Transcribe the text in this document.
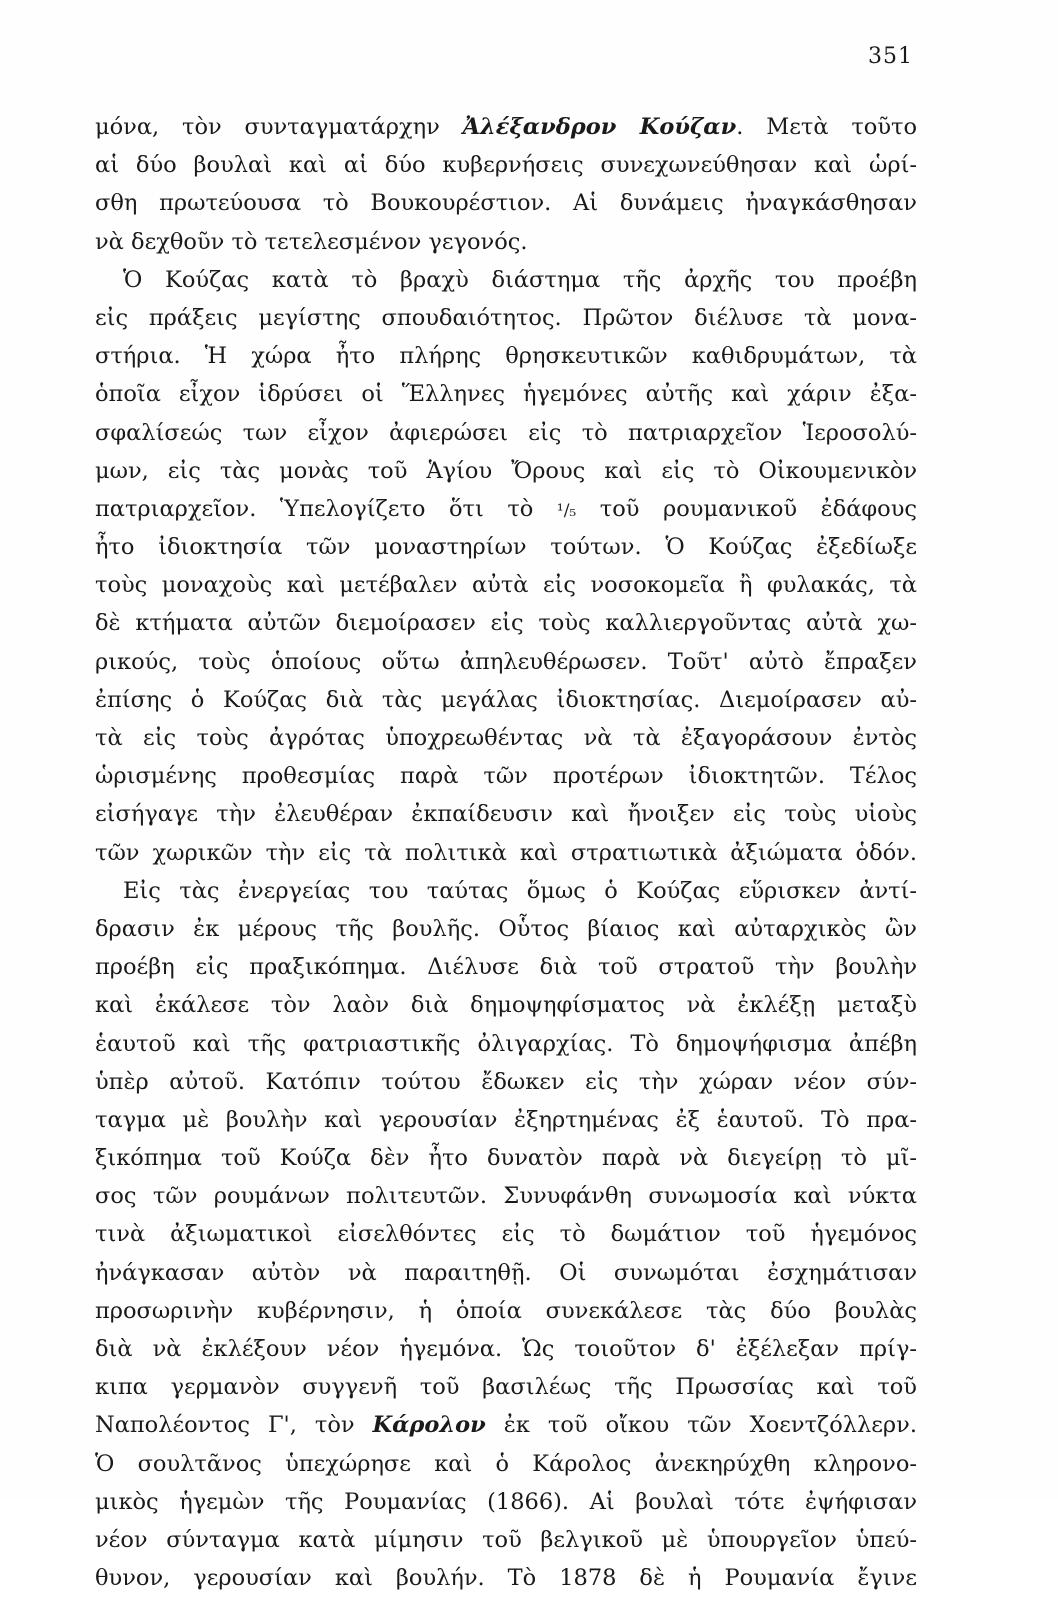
351
μόνα, τὸν συνταγματάρχην Ἀλέξανδρον Κούζαν. Μετὰ τοῦτο
αἱ δύο βουλαὶ καὶ αἱ δύο κυβερνήσεις συνεχωνεύθησαν καὶ ὡρί-
σθη πρωτεύουσα τὸ Βουκουρέστιον. Αἱ δυνάμεις ἠναγκάσθησαν
νὰ δεχθοῦν τὸ τετελεσμένον γεγονός.
Ὁ Κούζας κατὰ τὸ βραχὺ διάστημα τῆς ἀρχῆς του προέβη
εἰς πράξεις μεγίστης σπουδαιότητος. Πρῶτον διέλυσε τὰ μονα-
στήρια. Ἡ χώρα ἦτο πλήρης θρησκευτικῶν καθιδρυμάτων, τὰ
ὁποῖα εἶχον ἱδρύσει οἱ Ἕλληνες ἡγεμόνες αὐτῆς καὶ χάριν ἐξα-
σφαλίσεώς των εἶχον ἀφιερώσει εἰς τὸ πατριαρχεῖον Ἱεροσολύ-
μων, εἰς τὰς μονὰς τοῦ Ἁγίου Ὄρους καὶ εἰς τὸ Οἰκουμενικὸν
πατριαρχεῖον. Ὑπελογίζετο ὅτι τὸ ¹/₅ τοῦ ρουμανικοῦ ἐδάφους
ἦτο ἰδιοκτησία τῶν μοναστηρίων τούτων. Ὁ Κούζας ἐξεδίωξε
τοὺς μοναχοὺς καὶ μετέβαλεν αὐτὰ εἰς νοσοκομεῖα ἢ φυλακάς, τὰ
δὲ κτήματα αὐτῶν διεμοίρασεν εἰς τοὺς καλλιεργοῦντας αὐτὰ χω-
ρικούς, τοὺς ὁποίους οὕτω ἀπηλευθέρωσεν. Τοῦτ' αὐτὸ ἔπραξεν
ἐπίσης ὁ Κούζας διὰ τὰς μεγάλας ἰδιοκτησίας. Διεμοίρασεν αὐ-
τὰ εἰς τοὺς ἀγρότας ὑποχρεωθέντας νὰ τὰ ἐξαγοράσουν ἐντὸς
ὡρισμένης προθεσμίας παρὰ τῶν προτέρων ἰδιοκτητῶν. Τέλος
εἰσήγαγε τὴν ἐλευθέραν ἐκπαίδευσιν καὶ ἤνοιξεν εἰς τοὺς υἱοὺς
τῶν χωρικῶν τὴν εἰς τὰ πολιτικὰ καὶ στρατιωτικὰ ἀξιώματα ὁδόν.
Εἰς τὰς ἐνεργείας του ταύτας ὅμως ὁ Κούζας εὕρισκεν ἀντί-
δρασιν ἐκ μέρους τῆς βουλῆς. Οὗτος βίαιος καὶ αὐταρχικὸς ὢν
προέβη εἰς πραξικόπημα. Διέλυσε διὰ τοῦ στρατοῦ τὴν βουλὴν
καὶ ἐκάλεσε τὸν λαὸν διὰ δημοψηφίσματος νὰ ἐκλέξῃ μεταξὺ
ἑαυτοῦ καὶ τῆς φατριαστικῆς ὀλιγαρχίας. Τὸ δημοψήφισμα ἀπέβη
ὑπὲρ αὐτοῦ. Κατόπιν τούτου ἔδωκεν εἰς τὴν χώραν νέον σύν-
ταγμα μὲ βουλὴν καὶ γερουσίαν ἐξηρτημένας ἐξ ἑαυτοῦ. Τὸ πρα-
ξικόπημα τοῦ Κούζα δὲν ἦτο δυνατὸν παρὰ νὰ διεγείρῃ τὸ μῖ-
σος τῶν ρουμάνων πολιτευτῶν. Συνυφάνθη συνωμοσία καὶ νύκτα
τινὰ ἀξιωματικοὶ εἰσελθόντες εἰς τὸ δωμάτιον τοῦ ἡγεμόνος
ἠνάγκασαν αὐτὸν νὰ παραιτηθῇ. Οἱ συνωμόται ἐσχημάτισαν
προσωρινὴν κυβέρνησιν, ἡ ὁποία συνεκάλεσε τὰς δύο βουλὰς
διὰ νὰ ἐκλέξουν νέον ἡγεμόνα. Ὡς τοιοῦτον δ' ἐξέλεξαν πρίγ-
κιπα γερμανὸν συγγενῆ τοῦ βασιλέως τῆς Πρωσσίας καὶ τοῦ
Ναπολέοντος Γ', τὸν Κάρολον ἐκ τοῦ οἴκου τῶν Χοεντζόλλερν.
Ὁ σουλτᾶνος ὑπεχώρησε καὶ ὁ Κάρολος ἀνεκηρύχθη κληρονο-
μικὸς ἡγεμὼν τῆς Ρουμανίας (1866). Αἱ βουλαὶ τότε ἐψήφισαν
νέον σύνταγμα κατὰ μίμησιν τοῦ βελγικοῦ μὲ ὑπουργεῖον ὑπεύ-
θυνον, γερουσίαν καὶ βουλήν. Τὸ 1878 δὲ ἡ Ρουμανία ἔγινε
